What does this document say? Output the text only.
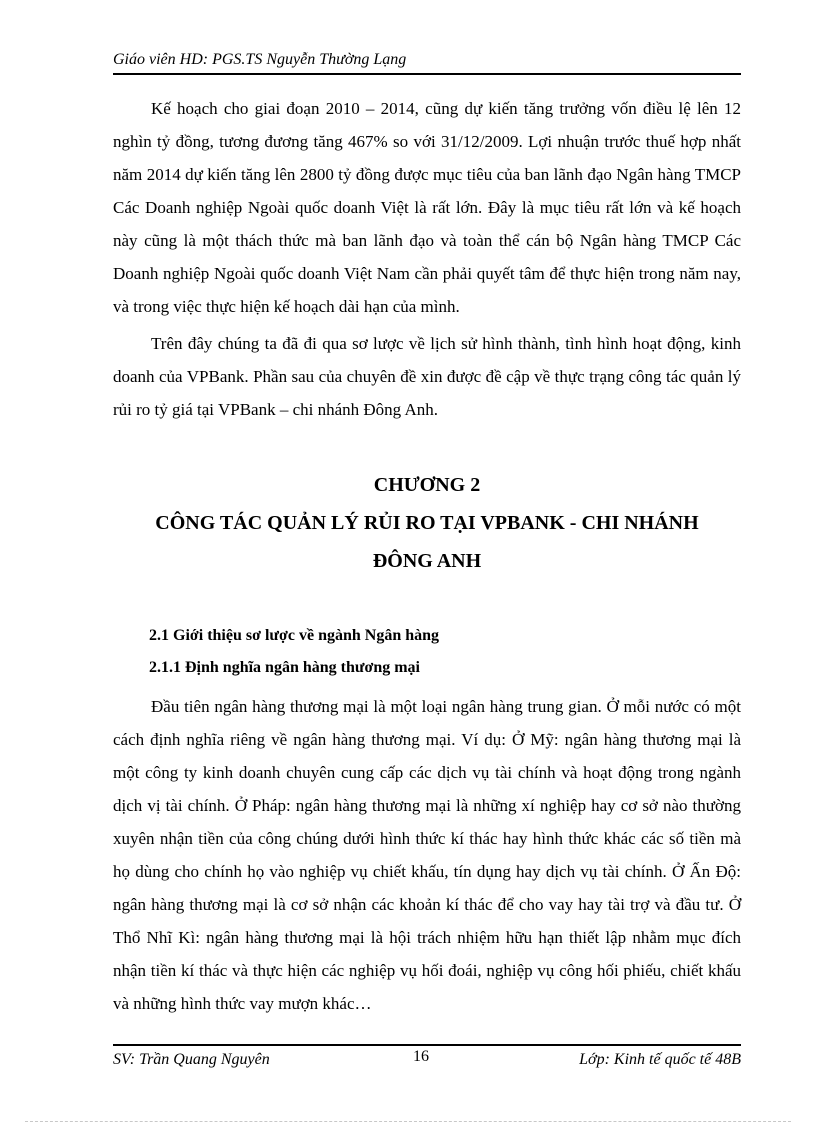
Giáo viên HD: PGS.TS Nguyễn Thường Lạng

Kế hoạch cho giai đoạn 2010 – 2014, cũng dự kiến tăng trưởng vốn điều lệ lên 12 nghìn tỷ đồng, tương đương tăng 467% so với 31/12/2009. Lợi nhuận trước thuế hợp nhất năm 2014 dự kiến tăng lên 2800 tỷ đồng được mục tiêu của ban lãnh đạo Ngân hàng TMCP Các Doanh nghiệp Ngoài quốc doanh Việt là rất lớn. Đây là mục tiêu rất lớn và kế hoạch này cũng là một thách thức mà ban lãnh đạo và toàn thể cán bộ Ngân hàng TMCP Các Doanh nghiệp Ngoài quốc doanh Việt Nam cần phải quyết tâm để thực hiện trong năm nay, và trong việc thực hiện kế hoạch dài hạn của mình.

Trên đây chúng ta đã đi qua sơ lược về lịch sử hình thành, tình hình hoạt động, kinh doanh của VPBank. Phần sau của chuyên đề xin được đề cập về thực trạng công tác quản lý rủi ro tỷ giá tại VPBank – chi nhánh Đông Anh.

CHƯƠNG 2
CÔNG TÁC QUẢN LÝ RỦI RO TẠI VPBANK - CHI NHÁNH
ĐÔNG ANH

2.1 Giới thiệu sơ lược về ngành Ngân hàng

2.1.1 Định nghĩa ngân hàng thương mại

Đầu tiên ngân hàng thương mại là một loại ngân hàng trung gian. Ở mỗi nước có một cách định nghĩa riêng về ngân hàng thương mại. Ví dụ: Ở Mỹ: ngân hàng thương mại là một công ty kinh doanh chuyên cung cấp các dịch vụ tài chính và hoạt động trong ngành dịch vị tài chính. Ở Pháp: ngân hàng thương mại là những xí nghiệp hay cơ sở nào thường xuyên nhận tiền của công chúng dưới hình thức kí thác hay hình thức khác các số tiền mà họ dùng cho chính họ vào nghiệp vụ chiết khấu, tín dụng hay dịch vụ tài chính. Ở Ấn Độ: ngân hàng thương mại là cơ sở nhận các khoản kí thác để cho vay hay tài trợ và đầu tư. Ở Thổ Nhĩ Kì: ngân hàng thương mại là hội trách nhiệm hữu hạn thiết lập nhằm mục đích nhận tiền kí thác và thực hiện các nghiệp vụ hối đoái, nghiệp vụ công hối phiếu, chiết khấu và những hình thức vay mượn khác…

SV: Trần Quang Nguyên	16	Lớp: Kinh tế quốc tế 48B
